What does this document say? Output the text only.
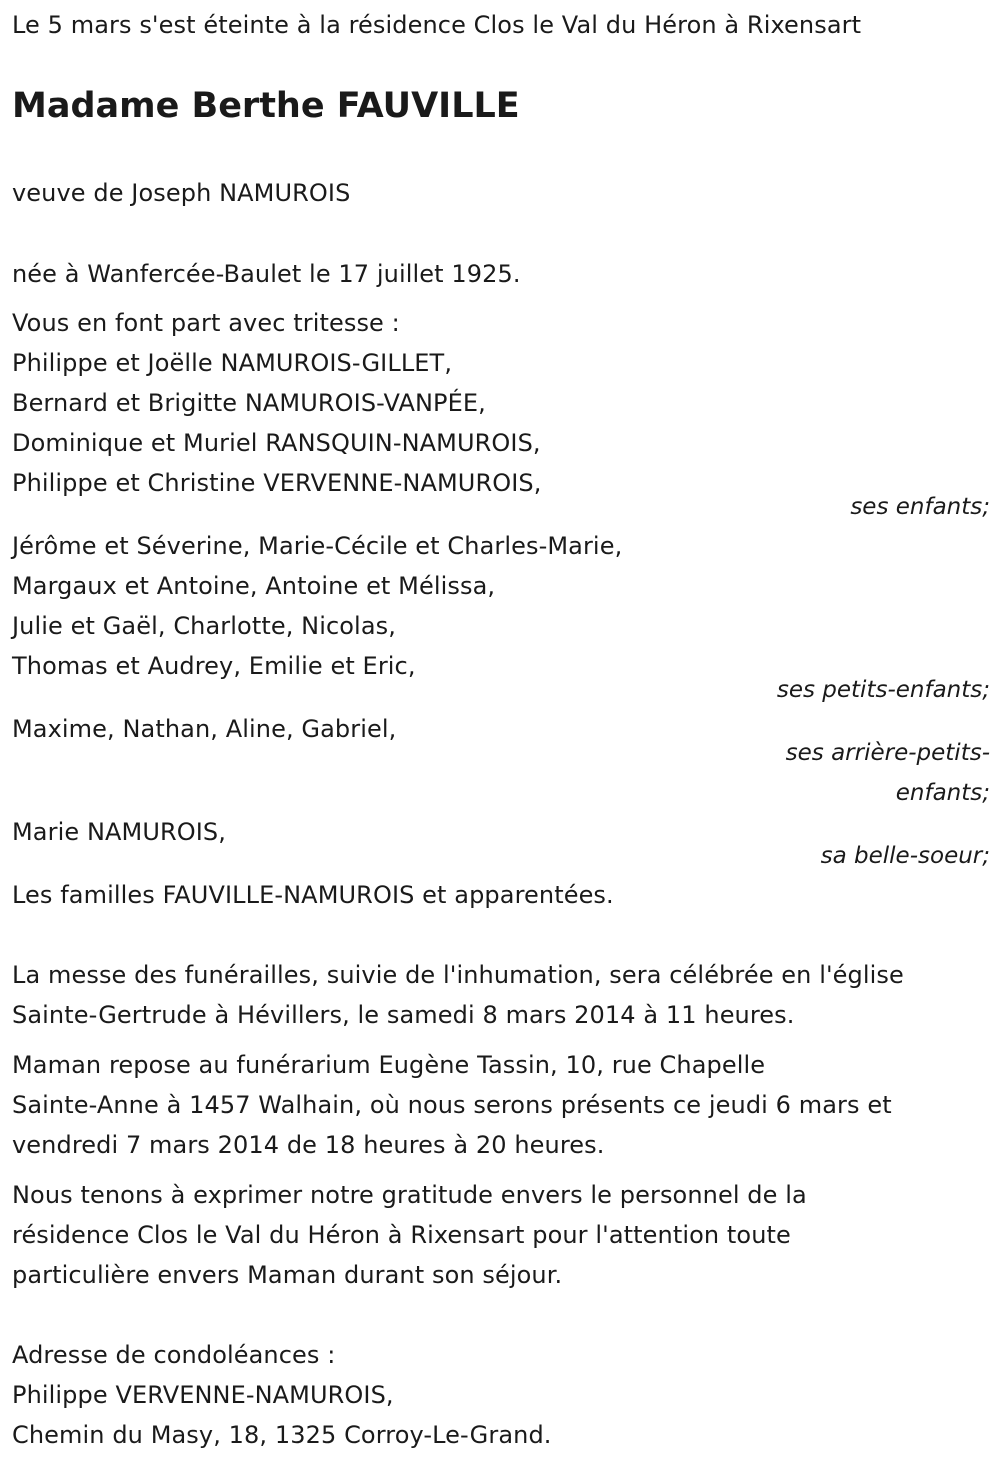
Le 5 mars s'est éteinte à la résidence Clos le Val du Héron à Rixensart
Madame Berthe FAUVILLE
veuve de Joseph NAMUROIS
née à Wanfercée-Baulet le 17 juillet 1925.
Vous en font part avec tritesse :
Philippe et Joëlle NAMUROIS-GILLET,
Bernard et Brigitte NAMUROIS-VANPÉE,
Dominique et Muriel RANSQUIN-NAMUROIS,
Philippe et Christine VERVENNE-NAMUROIS,
ses enfants;
Jérôme et Séverine, Marie-Cécile et Charles-Marie,
Margaux et Antoine, Antoine et Mélissa,
Julie et Gaël, Charlotte, Nicolas,
Thomas et Audrey, Emilie et Eric,
ses petits-enfants;
Maxime, Nathan, Aline, Gabriel,
ses arrière-petits-
enfants;
Marie NAMUROIS,
sa belle-soeur;
Les familles FAUVILLE-NAMUROIS et apparentées.
La messe des funérailles, suivie de l'inhumation, sera célébrée en l'église
Sainte-Gertrude à Hévillers, le samedi 8 mars 2014 à 11 heures.
Maman repose au funérarium Eugène Tassin, 10, rue Chapelle
Sainte-Anne à 1457 Walhain, où nous serons présents ce jeudi 6 mars et
vendredi 7 mars 2014 de 18 heures à 20 heures.
Nous tenons à exprimer notre gratitude envers le personnel de la
résidence Clos le Val du Héron à Rixensart pour l'attention toute
particulière envers Maman durant son séjour.
Adresse de condoléances :
Philippe VERVENNE-NAMUROIS,
Chemin du Masy, 18, 1325 Corroy-Le-Grand.
